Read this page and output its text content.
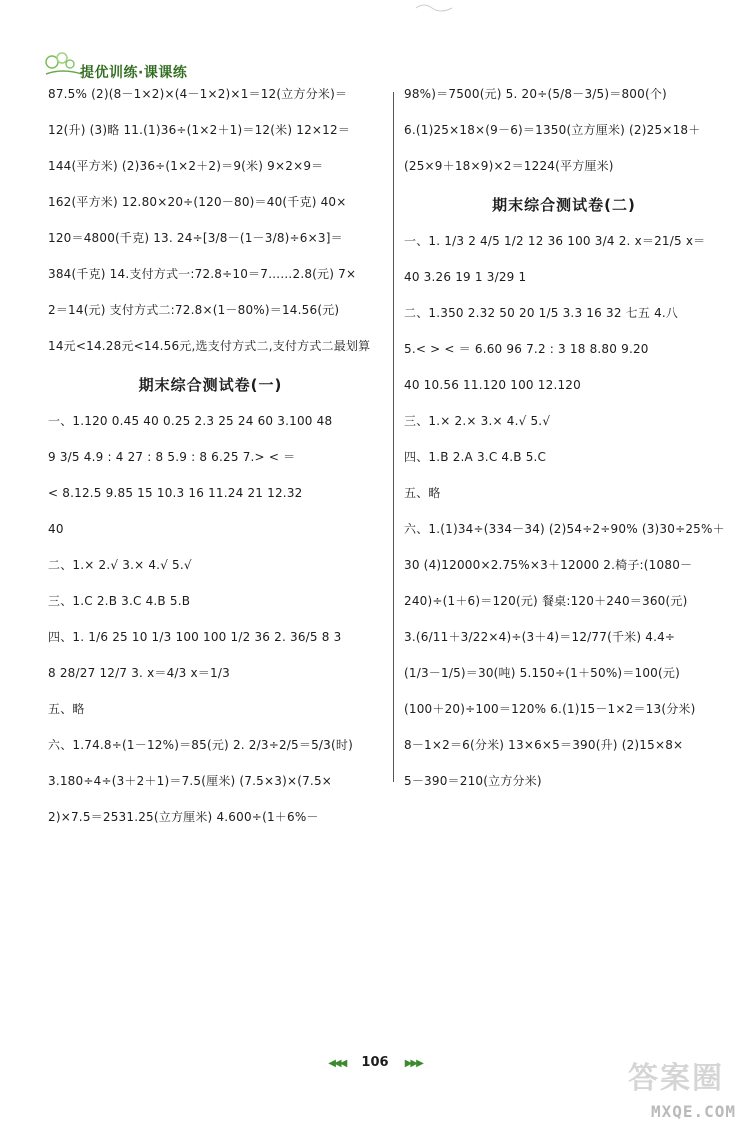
提优训练·课课练
87.5% (2)(8－1×2)×(4－1×2)×1＝12(立方分米)＝
12(升) (3)略 11.(1)36÷(1×2＋1)＝12(米) 12×12＝
144(平方米) (2)36÷(1×2＋2)＝9(米) 9×2×9＝
162(平方米) 12.80×20÷(120－80)＝40(千克) 40×
120＝4800(千克) 13. 24÷[3/8－(1－3/8)÷6×3]＝
384(千克) 14.支付方式一:72.8÷10＝7……2.8(元) 7×
2＝14(元) 支付方式二:72.8×(1－80%)＝14.56(元)
14元<14.28元<14.56元,选支付方式二,支付方式二最划算
期末综合测试卷(一)
一、1.120 0.45 40 0.25 2.3 25 24 60 3.100 48
9 3/5 4.9 : 4 27 : 8 5.9 : 8 6.25 7.> < ＝
< 8.12.5 9.85 15 10.3 16 11.24 21 12.32
40
二、1.× 2.√ 3.× 4.√ 5.√
三、1.C 2.B 3.C 4.B 5.B
四、1. 1/6 25 10 1/3 100 100 1/2 36 2. 36/5 8 3
8 28/27 12/7 3. x＝4/3 x＝1/3
五、略
六、1.74.8÷(1－12%)＝85(元) 2. 2/3÷2/5＝5/3(时)
3.180÷4÷(3＋2＋1)＝7.5(厘米) (7.5×3)×(7.5×
2)×7.5＝2531.25(立方厘米) 4.600÷(1＋6%－
98%)＝7500(元) 5. 20÷(5/8－3/5)＝800(个)
6.(1)25×18×(9－6)＝1350(立方厘米) (2)25×18＋
(25×9＋18×9)×2＝1224(平方厘米)
期末综合测试卷(二)
一、1. 1/3 2 4/5 1/2 12 36 100 3/4 2. x＝21/5 x＝
40 3.26 19 1 3/29 1
二、1.350 2.32 50 20 1/5 3.3 16 32 七五 4.八
5.< > < ＝ 6.60 96 7.2 : 3 18 8.80 9.20
40 10.56 11.120 100 12.120
三、1.× 2.× 3.× 4.√ 5.√
四、1.B 2.A 3.C 4.B 5.C
五、略
六、1.(1)34÷(334－34) (2)54÷2÷90% (3)30÷25%＋
30 (4)12000×2.75%×3＋12000 2.椅子:(1080－
240)÷(1＋6)＝120(元) 餐桌:120＋240＝360(元)
3.(6/11＋3/22×4)÷(3＋4)＝12/77(千米) 4.4÷
(1/3－1/5)＝30(吨) 5.150÷(1＋50%)＝100(元)
(100＋20)÷100＝120% 6.(1)15－1×2＝13(分米)
8－1×2＝6(分米) 13×6×5＝390(升) (2)15×8×
5－390＝210(立方分米)
◀◀◀ 106 ▶▶▶	答案圈
MXQE.COM
